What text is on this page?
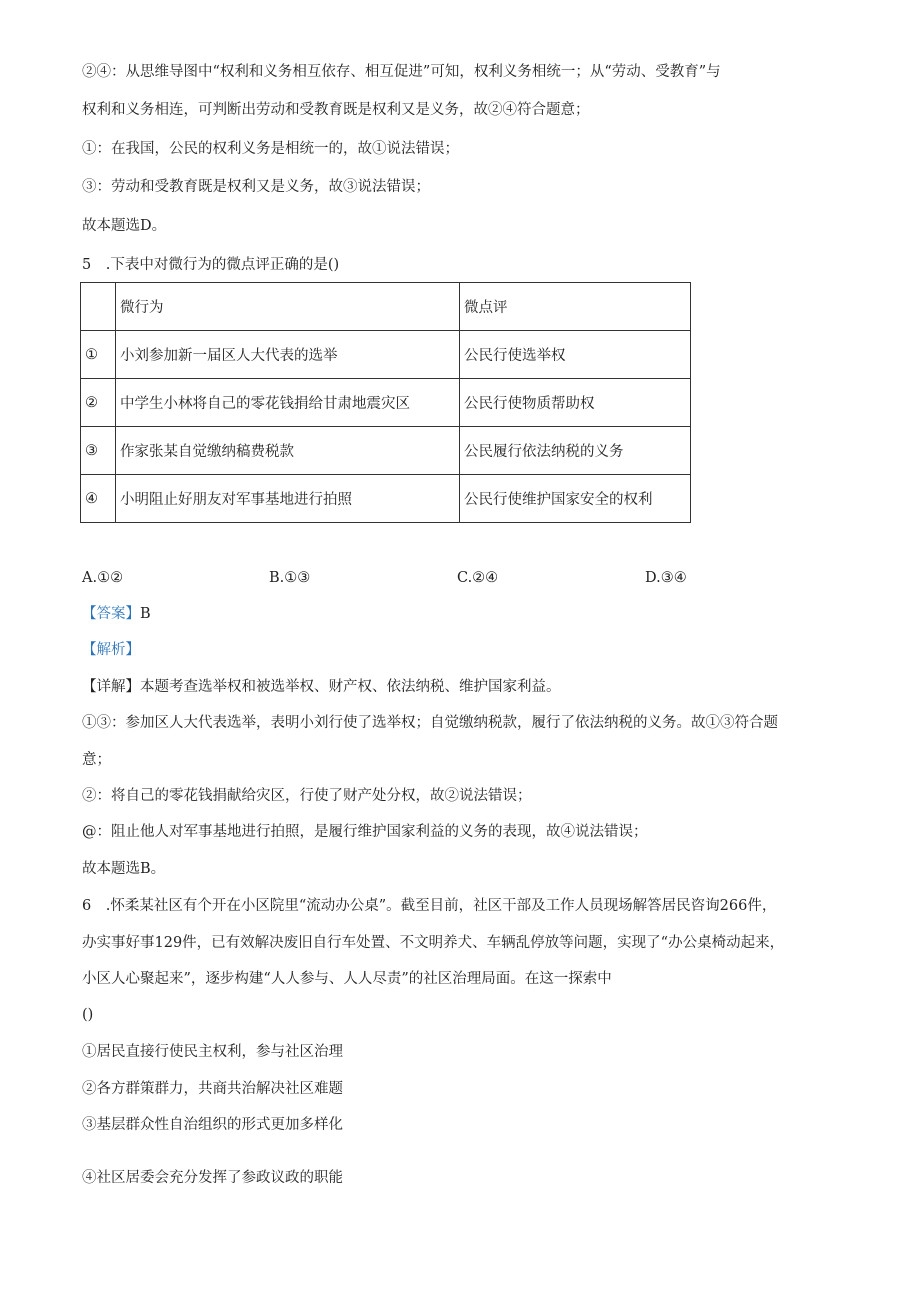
②④：从思维导图中“权利和义务相互依存、相互促进”可知，权利义务相统一；从“劳动、受教育”与
权利和义务相连，可判断出劳动和受教育既是权利又是义务，故②④符合题意；
①：在我国，公民的权利义务是相统一的，故①说法错误；
③：劳动和受教育既是权利又是义务，故③说法错误；
故本题选D。
5　.下表中对微行为的微点评正确的是()
	微行为	微点评
①	小刘参加新一届区人大代表的选举	公民行使选举权
②	中学生小林将自己的零花钱捐给甘肃地震灾区	公民行使物质帮助权
③	作家张某自觉缴纳稿费税款	公民履行依法纳税的义务
④	小明阻止好朋友对军事基地进行拍照	公民行使维护国家安全的权利
A.①②	B.①③	C.②④	D.③④
【答案】B
【解析】
【详解】本题考查选举权和被选举权、财产权、依法纳税、维护国家利益。
①③：参加区人大代表选举，表明小刘行使了选举权；自觉缴纳税款，履行了依法纳税的义务。故①③符合题
意；
②：将自己的零花钱捐献给灾区，行使了财产处分权，故②说法错误；
@：阻止他人对军事基地进行拍照，是履行维护国家利益的义务的表现，故④说法错误；
故本题选B。
6　.怀柔某社区有个开在小区院里“流动办公桌”。截至目前，社区干部及工作人员现场解答居民咨询266件，
办实事好事129件，已有效解决废旧自行车处置、不文明养犬、车辆乱停放等问题，实现了“办公桌椅动起来，
小区人心聚起来”，逐步构建“人人参与、人人尽责”的社区治理局面。在这一探索中
()
①居民直接行使民主权利，参与社区治理
②各方群策群力，共商共治解决社区难题
③基层群众性自治组织的形式更加多样化
④社区居委会充分发挥了参政议政的职能
